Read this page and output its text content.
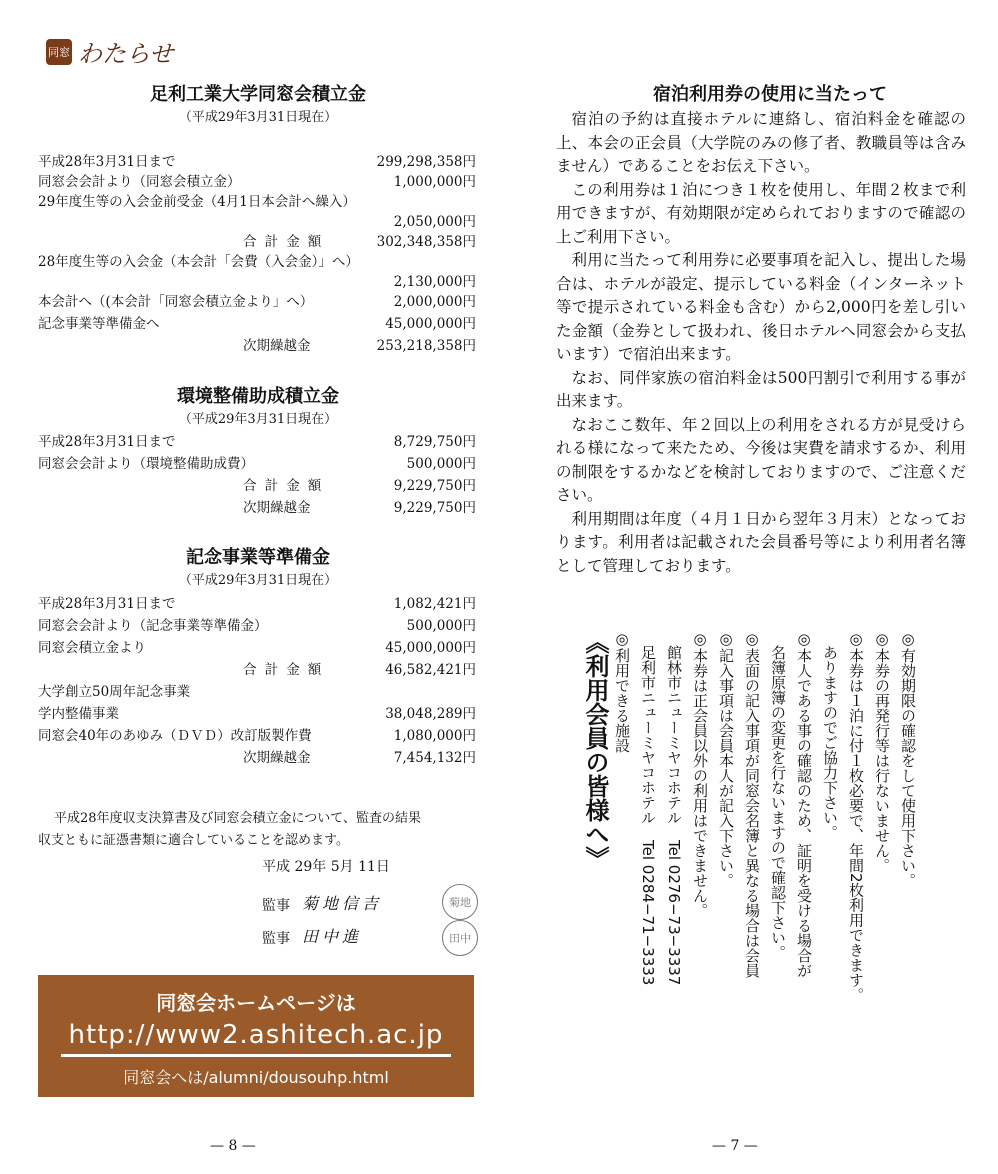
同窓 わたらせ
足利工業大学同窓会積立金
（平成29年3月31日現在）
平成28年3月31日まで	299,298,358円
同窓会会計より（同窓会積立金）	1,000,000円
29年度生等の入会金前受金（4月1日本会計へ繰入）
2,050,000円
合計金額	302,348,358円
28年度生等の入会金（本会計「会費（入会金）」へ）
2,130,000円
本会計へ（(本会計「同窓会積立金より」へ）	2,000,000円
記念事業等準備金へ	45,000,000円
次期繰越金	253,218,358円
環境整備助成積立金
（平成29年3月31日現在）
平成28年3月31日まで	8,729,750円
同窓会会計より（環境整備助成費）	500,000円
合計金額	9,229,750円
次期繰越金	9,229,750円
記念事業等準備金
（平成29年3月31日現在）
平成28年3月31日まで	1,082,421円
同窓会会計より（記念事業等準備金）	500,000円
同窓会積立金より	45,000,000円
合計金額	46,582,421円
大学創立50周年記念事業
学内整備事業	38,048,289円
同窓会40年のあゆみ（ＤＶＤ）改訂版製作費	1,080,000円
次期繰越金	7,454,132円
平成28年度収支決算書及び同窓会積立金について、監査の結果
収支ともに証憑書類に適合していることを認めます。
平成 29年 5月 11日
監事 菊地信吉	菊地
監事 田中進	田中
同窓会ホームページは
http://www2.ashitech.ac.jp
同窓会へは/alumni/dousouhp.html
— 8 —	— 7 —
宿泊利用券の使用に当たって

宿泊の予約は直接ホテルに連絡し、宿泊料金を確認の上、本会の正会員（大学院のみの修了者、教職員等は含みません）であることをお伝え下さい。

この利用券は１泊につき１枚を使用し、年間２枚まで利用できますが、有効期限が定められておりますので確認の上ご利用下さい。

利用に当たって利用券に必要事項を記入し、提出した場合は、ホテルが設定、提示している料金（インターネット等で提示されている料金も含む）から2,000円を差し引いた金額（金券として扱われ、後日ホテルへ同窓会から支払います）で宿泊出来ます。

なお、同伴家族の宿泊料金は500円割引で利用する事が出来ます。

なおここ数年、年２回以上の利用をされる方が見受けられる様になって来たため、今後は実費を請求するか、利用の制限をするかなどを検討しておりますので、ご注意ください。

利用期間は年度（４月１日から翌年３月末）となっております。利用者は記載された会員番号等により利用者名簿として管理しております。

《利用会員の皆様へ》 ◎利用できる施設 　足利市ニューミヤコホテル　Tel 0284−71−3333 　館林市ニューミヤコホテル　Tel 0276−73−3337 ◎本券は正会員以外の利用はできません。 ◎記入事項は会員本人が記入下さい。 ◎表面の記入事項が同窓会名簿と異なる場合は会員 　名簿原簿の変更を行ないますので確認下さい。 ◎本人である事の確認のため、証明を受ける場合が 　ありますのでご協力下さい。 ◎本券は１泊に付１枚必要で、年間2枚利用できます。 ◎本券の再発行等は行ないません。 ◎有効期限の確認をして使用下さい。
